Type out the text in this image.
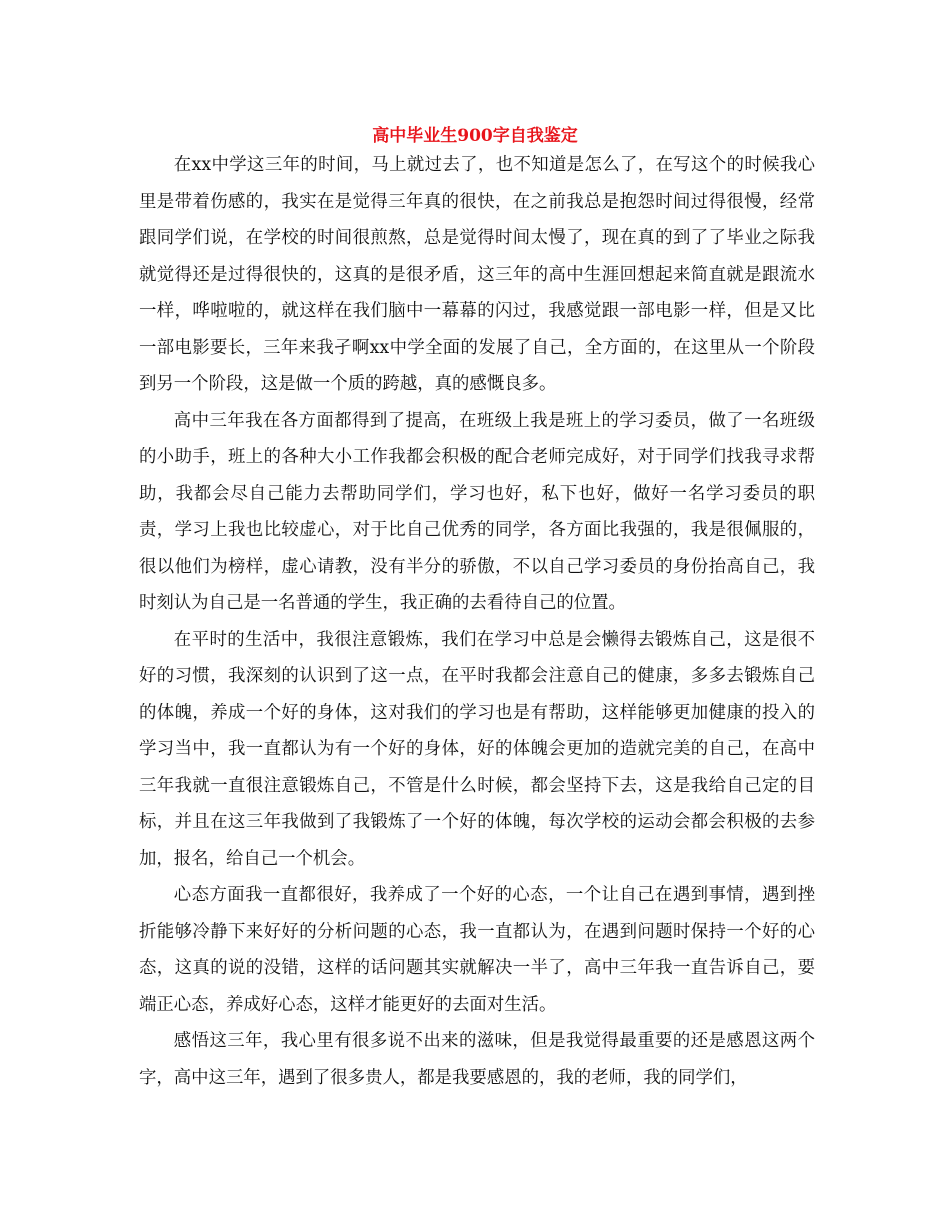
高中毕业生900字自我鉴定

在xx中学这三年的时间，马上就过去了，也不知道是怎么了，在写这个的时候我心里是带着伤感的，我实在是觉得三年真的很快，在之前我总是抱怨时间过得很慢，经常跟同学们说，在学校的时间很煎熬，总是觉得时间太慢了，现在真的到了了毕业之际我就觉得还是过得很快的，这真的是很矛盾，这三年的高中生涯回想起来简直就是跟流水一样，哗啦啦的，就这样在我们脑中一幕幕的闪过，我感觉跟一部电影一样，但是又比一部电影要长，三年来我孑啊xx中学全面的发展了自己，全方面的，在这里从一个阶段到另一个阶段，这是做一个质的跨越，真的感慨良多。

高中三年我在各方面都得到了提高，在班级上我是班上的学习委员，做了一名班级的小助手，班上的各种大小工作我都会积极的配合老师完成好，对于同学们找我寻求帮助，我都会尽自己能力去帮助同学们，学习也好，私下也好，做好一名学习委员的职责，学习上我也比较虚心，对于比自己优秀的同学，各方面比我强的，我是很佩服的，很以他们为榜样，虚心请教，没有半分的骄傲，不以自己学习委员的身份抬高自己，我时刻认为自己是一名普通的学生，我正确的去看待自己的位置。

在平时的生活中，我很注意锻炼，我们在学习中总是会懒得去锻炼自己，这是很不好的习惯，我深刻的认识到了这一点，在平时我都会注意自己的健康，多多去锻炼自己的体魄，养成一个好的身体，这对我们的学习也是有帮助，这样能够更加健康的投入的学习当中，我一直都认为有一个好的身体，好的体魄会更加的造就完美的自己，在高中三年我就一直很注意锻炼自己，不管是什么时候，都会坚持下去，这是我给自己定的目标，并且在这三年我做到了我锻炼了一个好的体魄，每次学校的运动会都会积极的去参加，报名，给自己一个机会。

心态方面我一直都很好，我养成了一个好的心态，一个让自己在遇到事情，遇到挫折能够冷静下来好好的分析问题的心态，我一直都认为，在遇到问题时保持一个好的心态，这真的说的没错，这样的话问题其实就解决一半了，高中三年我一直告诉自己，要端正心态，养成好心态，这样才能更好的去面对生活。

感悟这三年，我心里有很多说不出来的滋味，但是我觉得最重要的还是感恩这两个字，高中这三年，遇到了很多贵人，都是我要感恩的，我的老师，我的同学们，
